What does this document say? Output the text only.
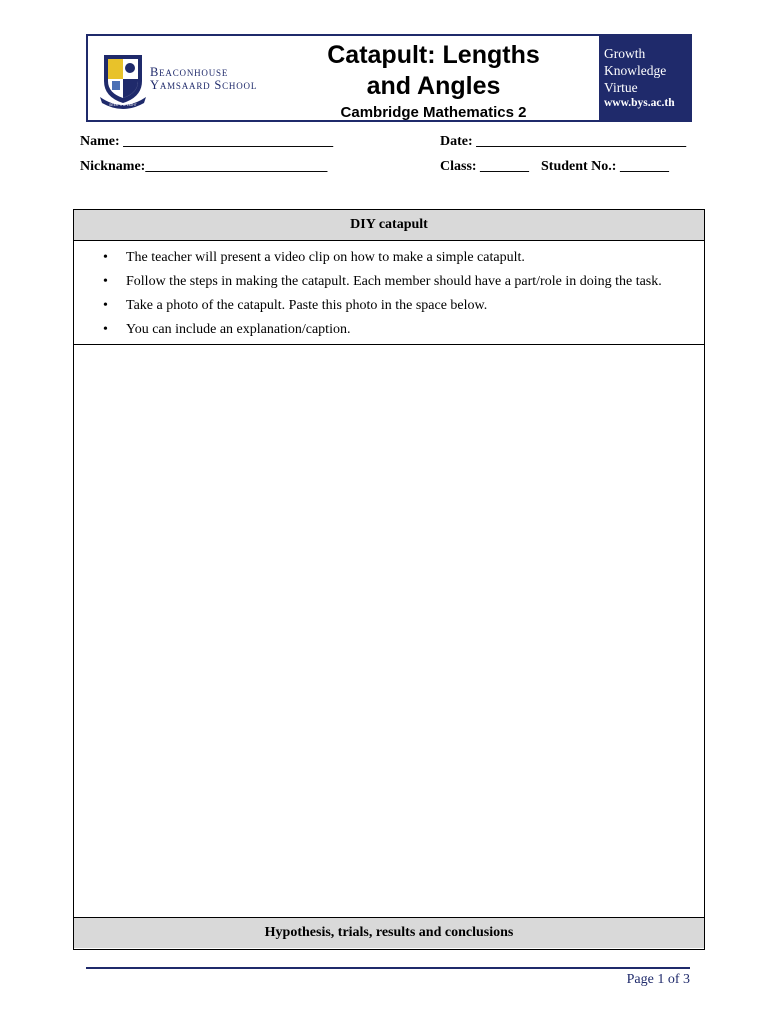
SEEK THE LIGHT
Beaconhouse
Yamsaard School
Catapult: Lengths
and Angles
Cambridge Mathematics 2
Growth
Knowledge
Virtue
www.bys.ac.th
Name: ______________________________	Date: ______________________________
Nickname:__________________________	Class: _______ Student No.: _______
DIY catapult
• The teacher will present a video clip on how to make a simple catapult.
• Follow the steps in making the catapult. Each member should have a part/role in doing the task.
• Take a photo of the catapult. Paste this photo in the space below.
• You can include an explanation/caption.
Hypothesis, trials, results and conclusions
Page 1 of 3
